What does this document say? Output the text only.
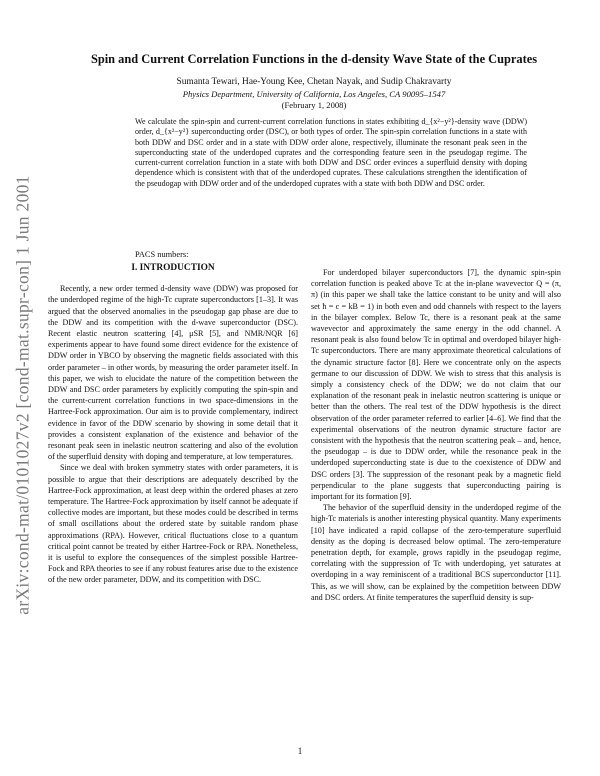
arXiv:cond-mat/0101027v2 [cond-mat.supr-con] 1 Jun 2001
Spin and Current Correlation Functions in the d-density Wave State of the Cuprates
Sumanta Tewari, Hae-Young Kee, Chetan Nayak, and Sudip Chakravarty
Physics Department, University of California, Los Angeles, CA 90095–1547
(February 1, 2008)

We calculate the spin-spin and current-current correlation functions in states exhibiting d_{x²−y²}-density wave (DDW) order, d_{x²−y²} superconducting order (DSC), or both types of order. The spin-spin correlation functions in a state with both DDW and DSC order and in a state with DDW order alone, respectively, illuminate the resonant peak seen in the superconducting state of the underdoped cuprates and the corresponding feature seen in the pseudogap regime. The current-current correlation function in a state with both DDW and DSC order evinces a superfluid density with doping dependence which is consistent with that of the underdoped cuprates. These calculations strengthen the identification of the pseudogap with DDW order and of the underdoped cuprates with a state with both DDW and DSC order.

PACS numbers:
I. INTRODUCTION

Recently, a new order termed d-density wave (DDW) was proposed for the underdoped regime of the high-Tc cuprate superconductors [1–3]. It was argued that the observed anomalies in the pseudogap gap phase are due to the DDW and its competition with the d-wave superconductor (DSC). Recent elastic neutron scattering [4], μSR [5], and NMR/NQR [6] experiments appear to have found some direct evidence for the existence of DDW order in YBCO by observing the magnetic fields associated with this order parameter – in other words, by measuring the order parameter itself. In this paper, we wish to elucidate the nature of the competition between the DDW and DSC order parameters by explicitly computing the spin-spin and the current-current correlation functions in two space-dimensions in the Hartree-Fock approximation. Our aim is to provide complementary, indirect evidence in favor of the DDW scenario by showing in some detail that it provides a consistent explanation of the existence and behavior of the resonant peak seen in inelastic neutron scattering and also of the evolution of the superfluid density with doping and temperature, at low temperatures.

Since we deal with broken symmetry states with order parameters, it is possible to argue that their descriptions are adequately described by the Hartree-Fock approximation, at least deep within the ordered phases at zero temperature. The Hartree-Fock approximation by itself cannot be adequate if collective modes are important, but these modes could be described in terms of small oscillations about the ordered state by suitable random phase approximations (RPA). However, critical fluctuations close to a quantum critical point cannot be treated by either Hartree-Fock or RPA. Nonetheless, it is useful to explore the consequences of the simplest possible Hartree-Fock and RPA theories to see if any robust features arise due to the existence of the new order parameter, DDW, and its competition with DSC.

For underdoped bilayer superconductors [7], the dynamic spin-spin correlation function is peaked above Tc at the in-plane wavevector Q = (π, π) (in this paper we shall take the lattice constant to be unity and will also set ħ = c = kB = 1) in both even and odd channels with respect to the layers in the bilayer complex. Below Tc, there is a resonant peak at the same wavevector and approximately the same energy in the odd channel. A resonant peak is also found below Tc in optimal and overdoped bilayer high-Tc superconductors. There are many approximate theoretical calculations of the dynamic structure factor [8]. Here we concentrate only on the aspects germane to our discussion of DDW. We wish to stress that this analysis is simply a consistency check of the DDW; we do not claim that our explanation of the resonant peak in inelastic neutron scattering is unique or better than the others. The real test of the DDW hypothesis is the direct observation of the order parameter referred to earlier [4–6]. We find that the experimental observations of the neutron dynamic structure factor are consistent with the hypothesis that the neutron scattering peak – and, hence, the pseudogap – is due to DDW order, while the resonance peak in the underdoped superconducting state is due to the coexistence of DDW and DSC orders [3]. The suppression of the resonant peak by a magnetic field perpendicular to the plane suggests that superconducting pairing is important for its formation [9].

The behavior of the superfluid density in the underdoped regime of the high-Tc materials is another interesting physical quantity. Many experiments [10] have indicated a rapid collapse of the zero-temperature superfluid density as the doping is decreased below optimal. The zero-temperature penetration depth, for example, grows rapidly in the pseudogap regime, correlating with the suppression of Tc with underdoping, yet saturates at overdoping in a way reminiscent of a traditional BCS superconductor [11]. This, as we will show, can be explained by the competition between DDW and DSC orders. At finite temperatures the superfluid density is sup-

1
